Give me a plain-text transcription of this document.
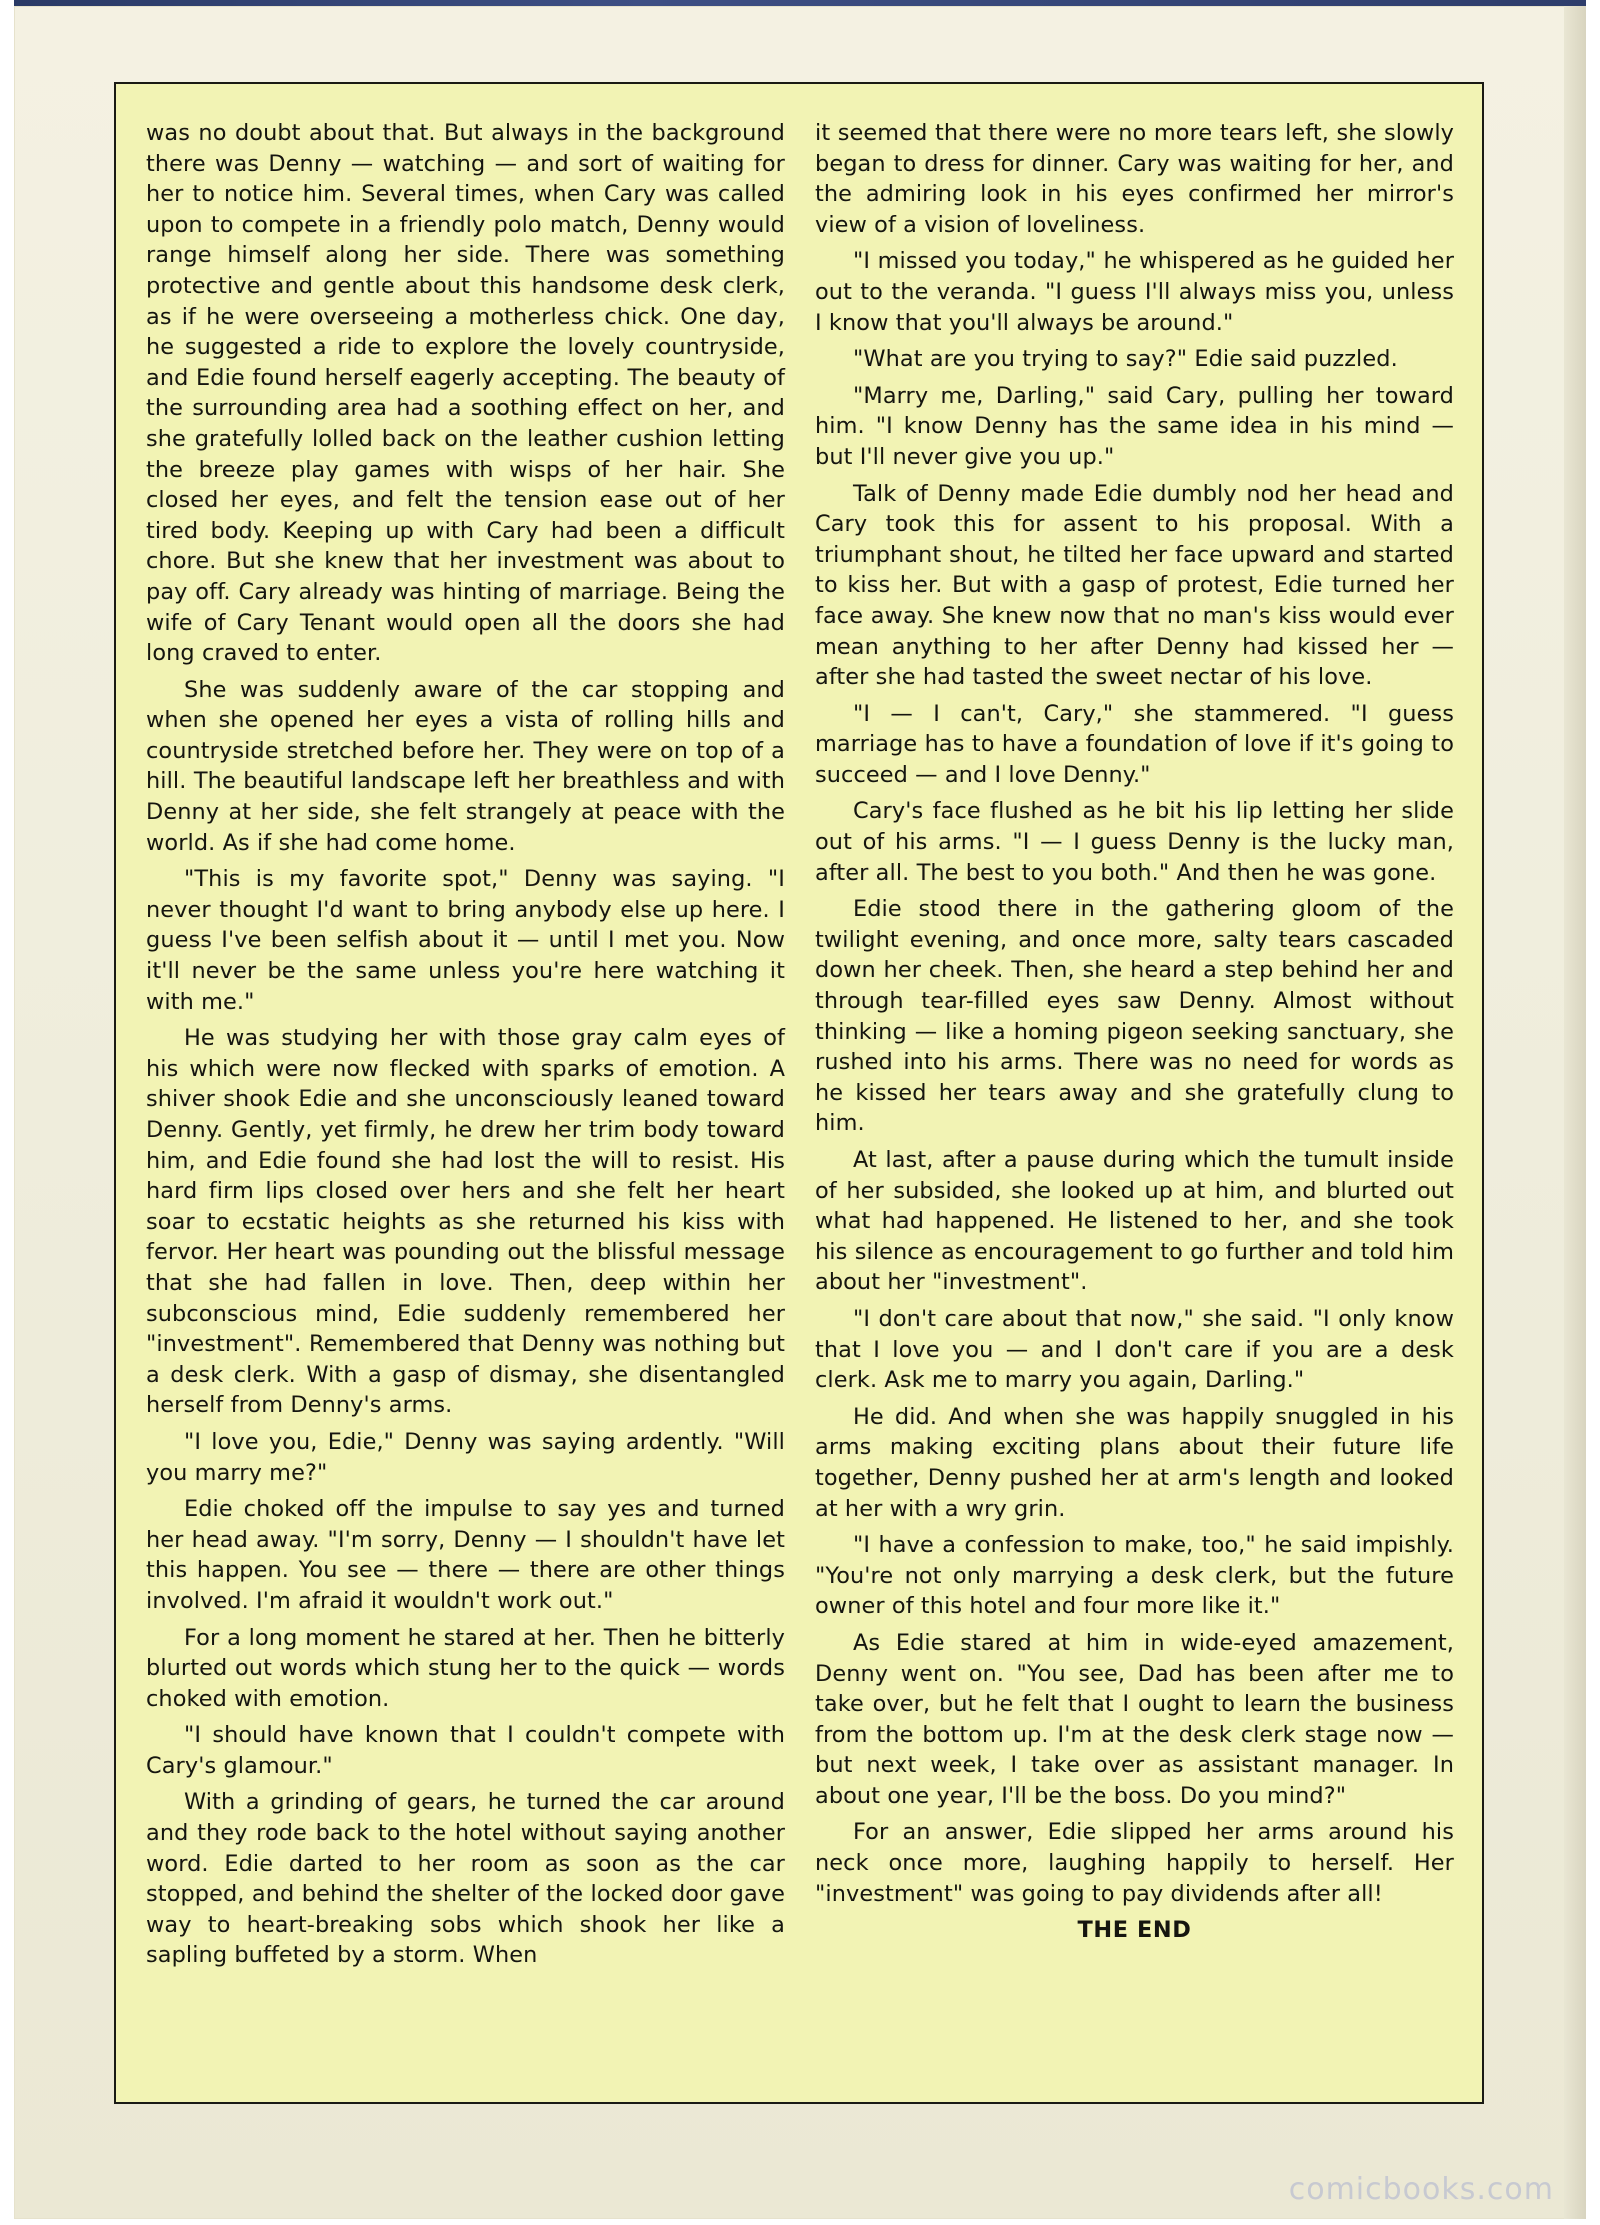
was no doubt about that. But always in the background there was Denny — watching — and sort of waiting for her to notice him. Several times, when Cary was called upon to compete in a friendly polo match, Denny would range himself along her side. There was something protective and gentle about this handsome desk clerk, as if he were overseeing a motherless chick. One day, he suggested a ride to explore the lovely countryside, and Edie found herself eagerly accepting. The beauty of the surrounding area had a soothing effect on her, and she gratefully lolled back on the leather cushion letting the breeze play games with wisps of her hair. She closed her eyes, and felt the tension ease out of her tired body. Keeping up with Cary had been a difficult chore. But she knew that her investment was about to pay off. Cary already was hinting of marriage. Being the wife of Cary Tenant would open all the doors she had long craved to enter.

She was suddenly aware of the car stopping and when she opened her eyes a vista of rolling hills and countryside stretched before her. They were on top of a hill. The beautiful landscape left her breathless and with Denny at her side, she felt strangely at peace with the world. As if she had come home.

"This is my favorite spot," Denny was saying. "I never thought I'd want to bring anybody else up here. I guess I've been selfish about it — until I met you. Now it'll never be the same unless you're here watching it with me."

He was studying her with those gray calm eyes of his which were now flecked with sparks of emotion. A shiver shook Edie and she unconsciously leaned toward Denny. Gently, yet firmly, he drew her trim body toward him, and Edie found she had lost the will to resist. His hard firm lips closed over hers and she felt her heart soar to ecstatic heights as she returned his kiss with fervor. Her heart was pounding out the blissful message that she had fallen in love. Then, deep within her subconscious mind, Edie suddenly remembered her "investment". Remembered that Denny was nothing but a desk clerk. With a gasp of dismay, she disentangled herself from Denny's arms.

"I love you, Edie," Denny was saying ardently. "Will you marry me?"

Edie choked off the impulse to say yes and turned her head away. "I'm sorry, Denny — I shouldn't have let this happen. You see — there — there are other things involved. I'm afraid it wouldn't work out."

For a long moment he stared at her. Then he bitterly blurted out words which stung her to the quick — words choked with emotion.

"I should have known that I couldn't compete with Cary's glamour."

With a grinding of gears, he turned the car around and they rode back to the hotel without saying another word. Edie darted to her room as soon as the car stopped, and behind the shelter of the locked door gave way to heart-breaking sobs which shook her like a sapling buffeted by a storm. When

it seemed that there were no more tears left, she slowly began to dress for dinner. Cary was waiting for her, and the admiring look in his eyes confirmed her mirror's view of a vision of loveliness.

"I missed you today," he whispered as he guided her out to the veranda. "I guess I'll always miss you, unless I know that you'll always be around."

"What are you trying to say?" Edie said puzzled.

"Marry me, Darling," said Cary, pulling her toward him. "I know Denny has the same idea in his mind — but I'll never give you up."

Talk of Denny made Edie dumbly nod her head and Cary took this for assent to his proposal. With a triumphant shout, he tilted her face upward and started to kiss her. But with a gasp of protest, Edie turned her face away. She knew now that no man's kiss would ever mean anything to her after Denny had kissed her — after she had tasted the sweet nectar of his love.

"I — I can't, Cary," she stammered. "I guess marriage has to have a foundation of love if it's going to succeed — and I love Denny."

Cary's face flushed as he bit his lip letting her slide out of his arms. "I — I guess Denny is the lucky man, after all. The best to you both." And then he was gone.

Edie stood there in the gathering gloom of the twilight evening, and once more, salty tears cascaded down her cheek. Then, she heard a step behind her and through tear-filled eyes saw Denny. Almost without thinking — like a homing pigeon seeking sanctuary, she rushed into his arms. There was no need for words as he kissed her tears away and she gratefully clung to him.

At last, after a pause during which the tumult inside of her subsided, she looked up at him, and blurted out what had happened. He listened to her, and she took his silence as encouragement to go further and told him about her "investment".

"I don't care about that now," she said. "I only know that I love you — and I don't care if you are a desk clerk. Ask me to marry you again, Darling."

He did. And when she was happily snuggled in his arms making exciting plans about their future life together, Denny pushed her at arm's length and looked at her with a wry grin.

"I have a confession to make, too," he said impishly. "You're not only marrying a desk clerk, but the future owner of this hotel and four more like it."

As Edie stared at him in wide-eyed amazement, Denny went on. "You see, Dad has been after me to take over, but he felt that I ought to learn the business from the bottom up. I'm at the desk clerk stage now — but next week, I take over as assistant manager. In about one year, I'll be the boss. Do you mind?"

For an answer, Edie slipped her arms around his neck once more, laughing happily to herself. Her "investment" was going to pay dividends after all!

THE END
comicbooks.com
